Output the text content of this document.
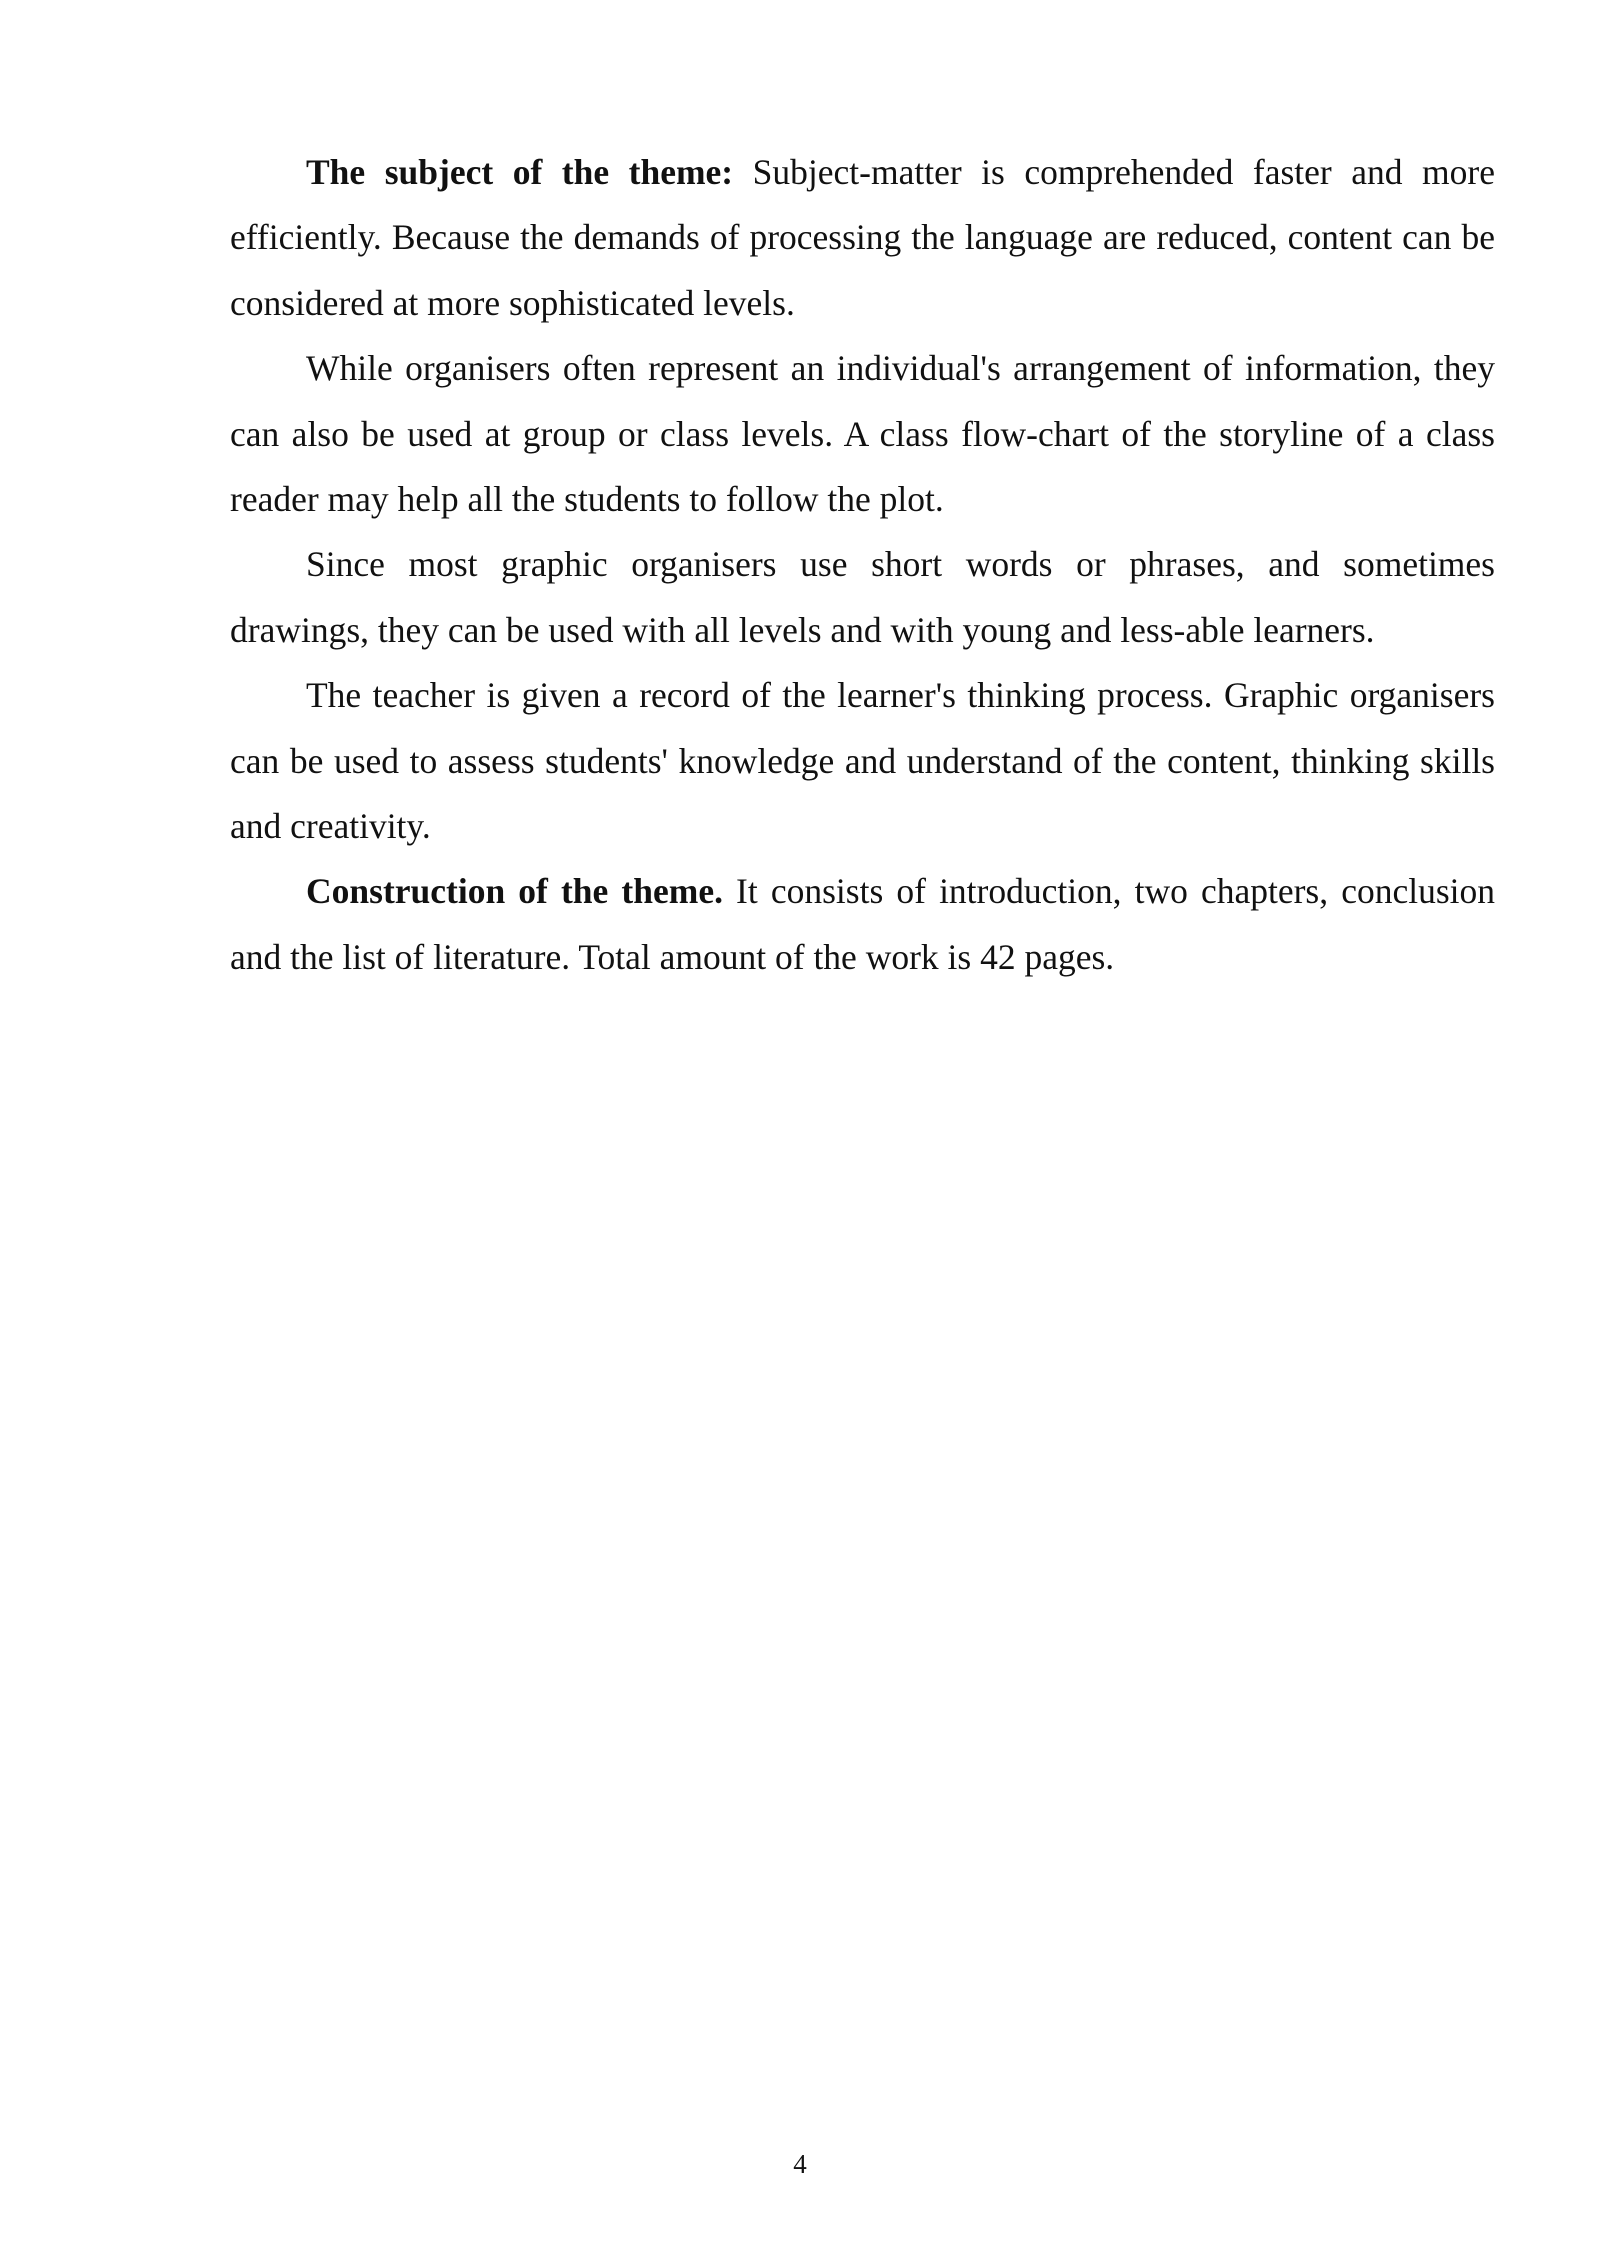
The subject of the theme: Subject-matter is comprehended faster and more efficiently. Because the demands of processing the language are reduced, content can be considered at more sophisticated levels.

While organisers often represent an individual's arrangement of information, they can also be used at group or class levels. A class flow-chart of the storyline of a class reader may help all the students to follow the plot.

Since most graphic organisers use short words or phrases, and sometimes drawings, they can be used with all levels and with young and less-able learners.

The teacher is given a record of the learner's thinking process. Graphic organisers can be used to assess students' knowledge and understand of the content, thinking skills and creativity.

Construction of the theme. It consists of introduction, two chapters, conclusion and the list of literature. Total amount of the work is 42 pages.

4
